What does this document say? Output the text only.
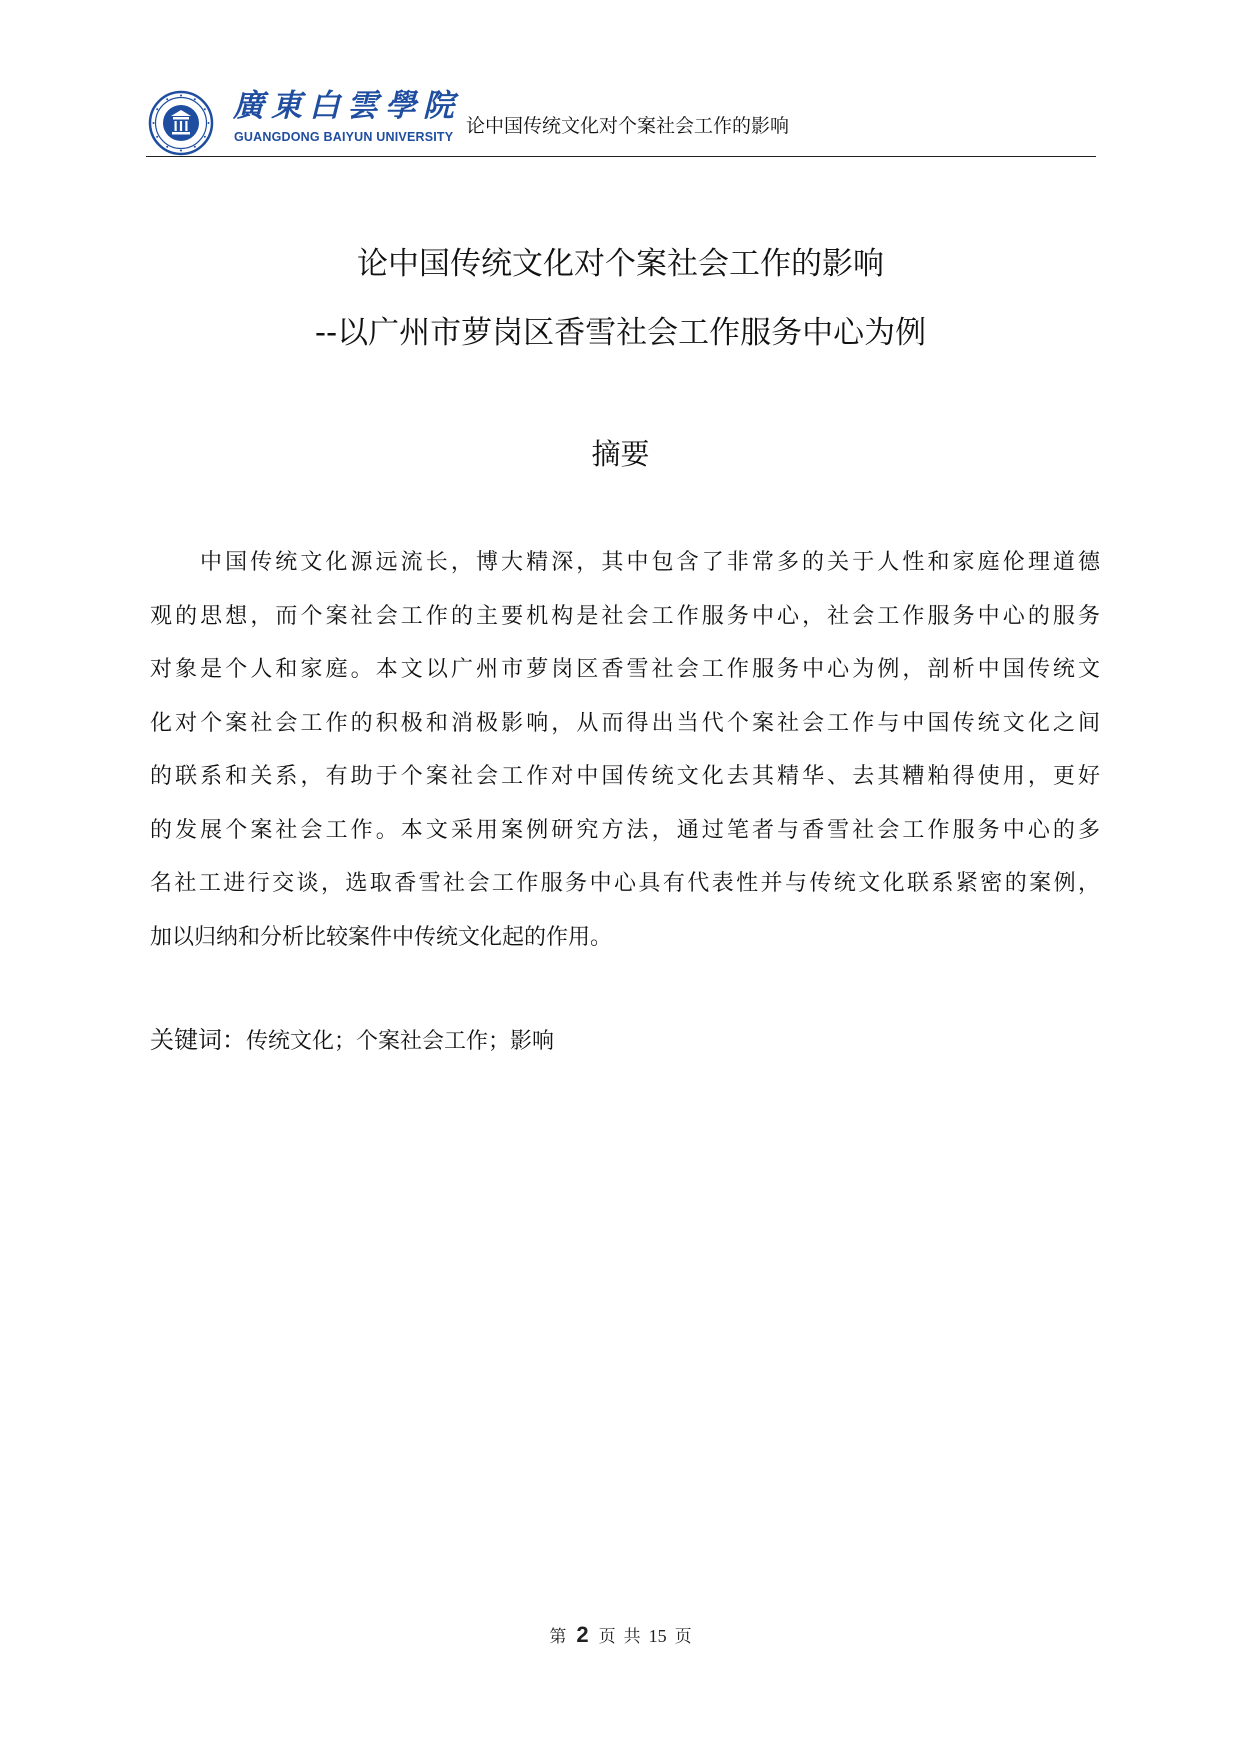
廣東白雲學院
GUANGDONG BAIYUN UNIVERSITY 论中国传统文化对个案社会工作的影响
论中国传统文化对个案社会工作的影响
--以广州市萝岗区香雪社会工作服务中心为例
摘要
中国传统文化源远流长，博大精深，其中包含了非常多的关于人性和家庭伦理道德
观的思想，而个案社会工作的主要机构是社会工作服务中心，社会工作服务中心的服务
对象是个人和家庭。本文以广州市萝岗区香雪社会工作服务中心为例，剖析中国传统文
化对个案社会工作的积极和消极影响，从而得出当代个案社会工作与中国传统文化之间
的联系和关系，有助于个案社会工作对中国传统文化去其精华、去其糟粕得使用，更好
的发展个案社会工作。本文采用案例研究方法，通过笔者与香雪社会工作服务中心的多
名社工进行交谈，选取香雪社会工作服务中心具有代表性并与传统文化联系紧密的案例，
加以归纳和分析比较案件中传统文化起的作用。
关键词：传统文化；个案社会工作；影响
第 2 页 共 15 页
